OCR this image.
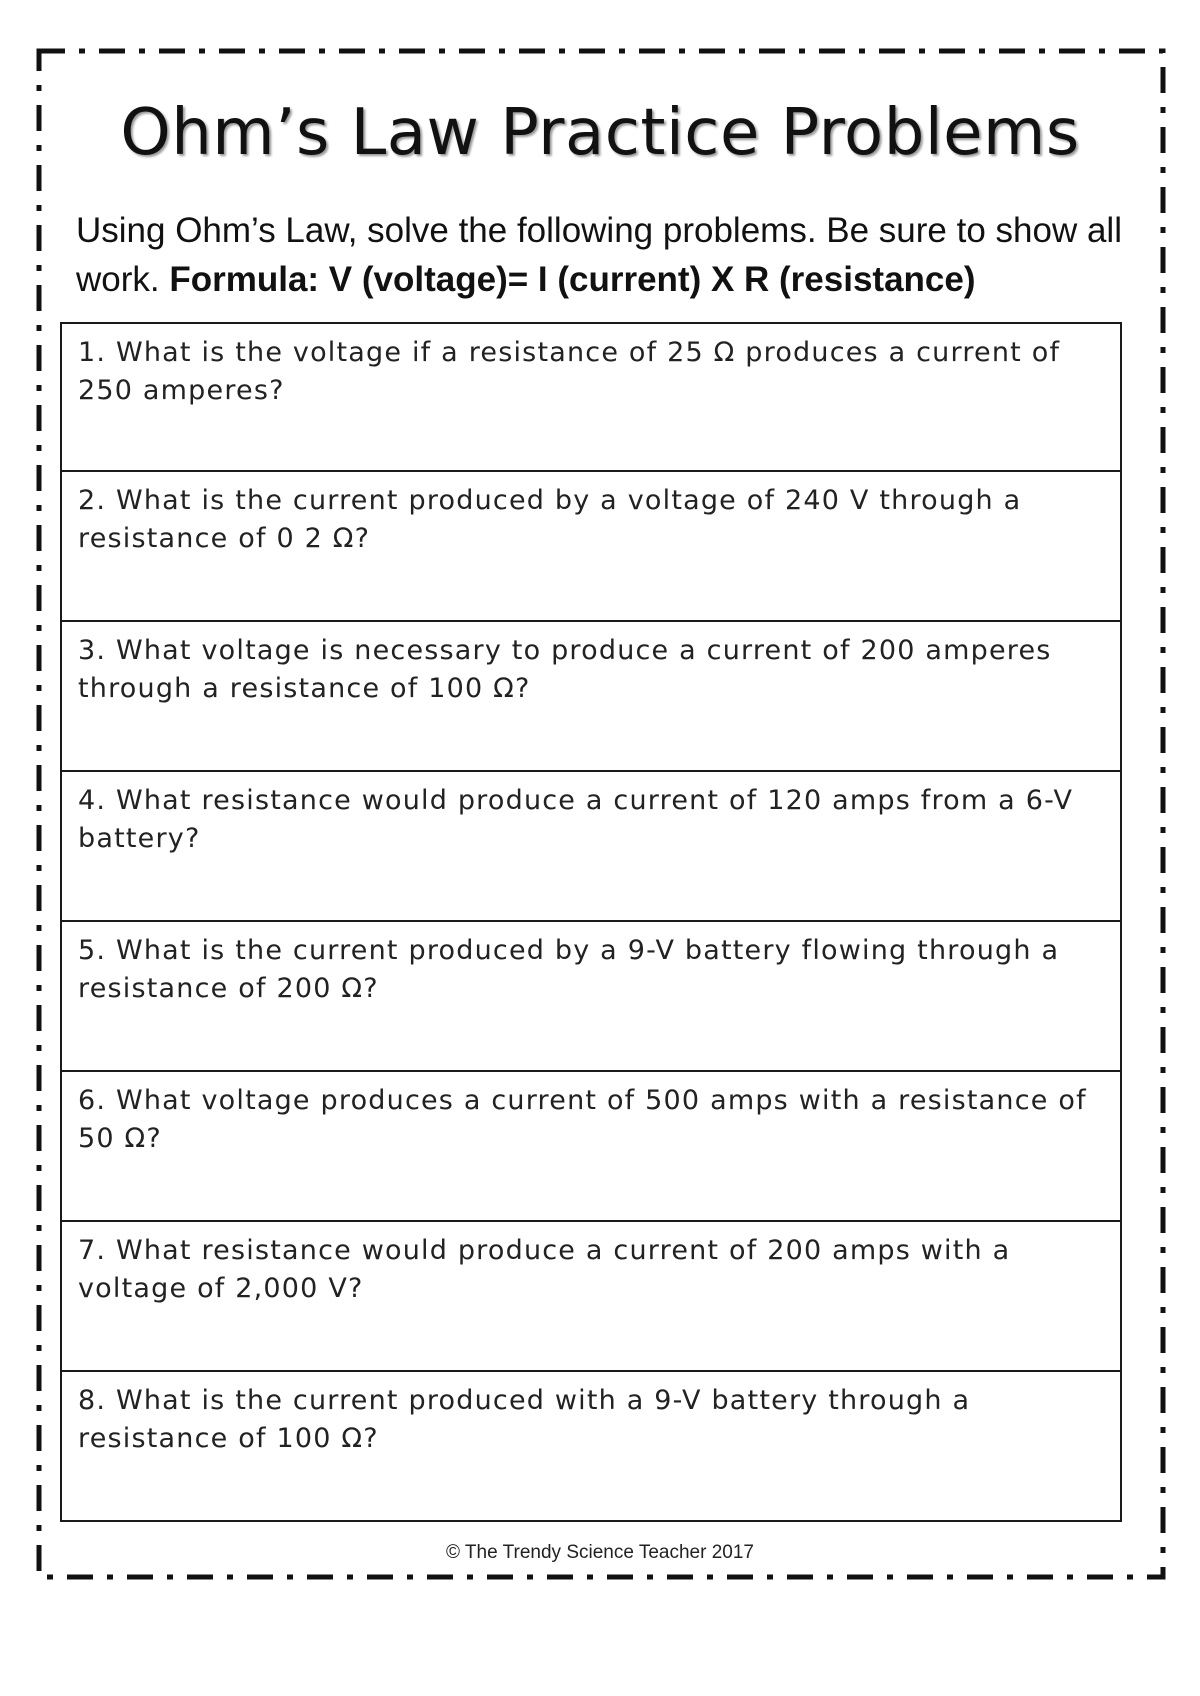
Ohm’s Law Practice Problems

Using Ohm’s Law, solve the following problems. Be sure to show all work. Formula: V (voltage)= I (current) X R (resistance)

1. What is the voltage if a resistance of 25 Ω produces a current of 250 amperes?
2. What is the current produced by a voltage of 240 V through a resistance of 0 2 Ω?
3. What voltage is necessary to produce a current of 200 amperes through a resistance of 100 Ω?
4. What resistance would produce a current of 120 amps from a 6-V battery?
5. What is the current produced by a 9-V battery flowing through a resistance of 200 Ω?
6. What voltage produces a current of 500 amps with a resistance of 50 Ω?
7. What resistance would produce a current of 200 amps with a voltage of 2,000 V?
8. What is the current produced with a 9-V battery through a resistance of 100 Ω?
© The Trendy Science Teacher 2017
